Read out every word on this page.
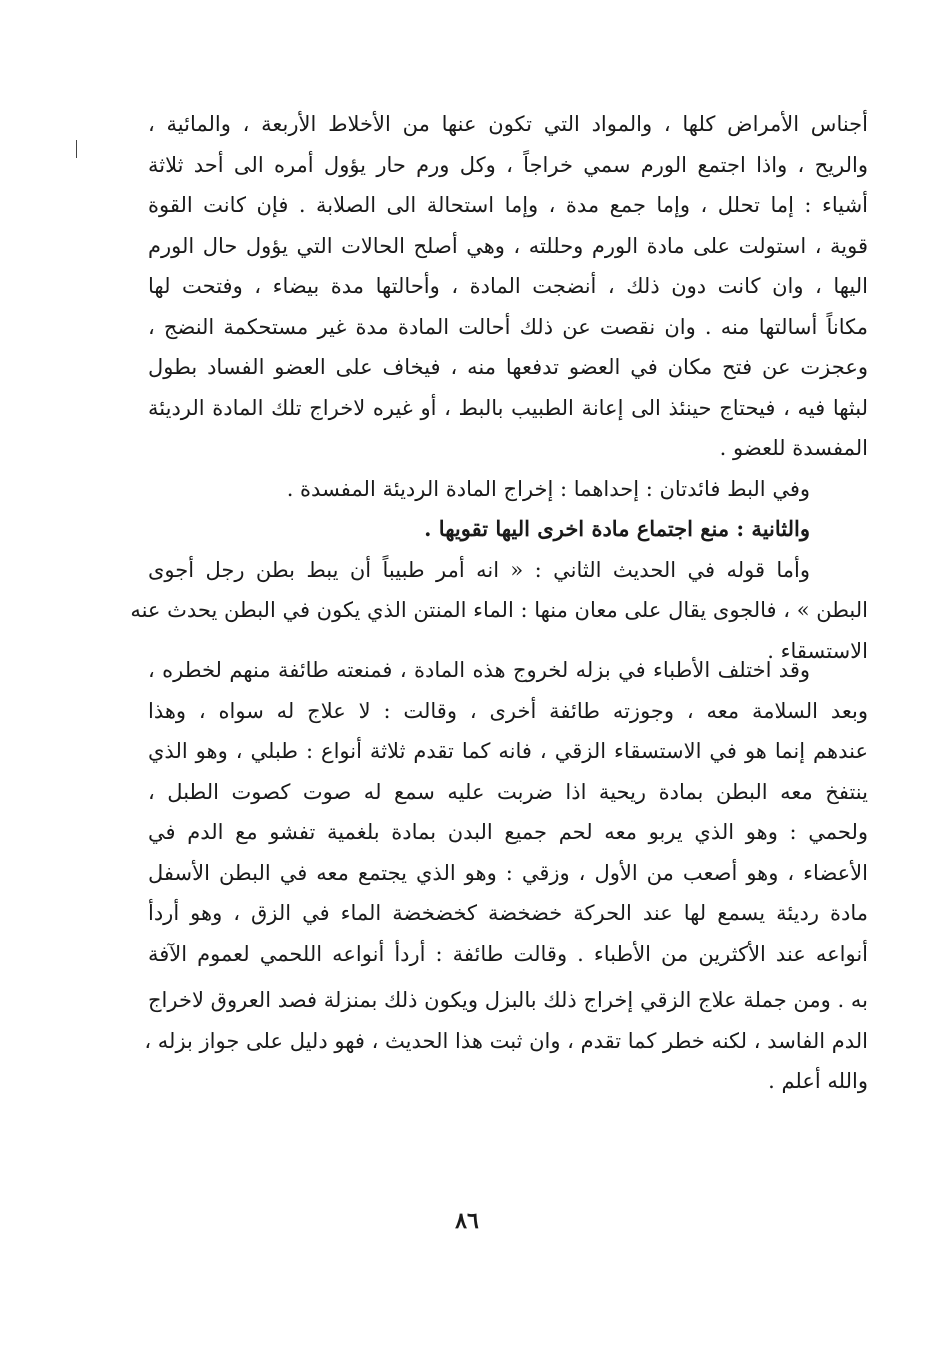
أجناس الأمراض كلها ، والمواد التي تكون عنها من الأخلاط الأربعة ، والمائية ،
والريح ، واذا اجتمع الورم سمي خراجاً ، وكل ورم حار يؤول أمره الى أحد ثلاثة
أشياء : إما تحلل ، وإما جمع مدة ، وإما استحالة الى الصلابة . فإن كانت القوة
قوية ، استولت على مادة الورم وحللته ، وهي أصلح الحالات التي يؤول حال الورم
اليها ، وان كانت دون ذلك ، أنضجت المادة ، وأحالتها مدة بيضاء ، وفتحت لها
مكاناً أسالتها منه . وان نقصت عن ذلك أحالت المادة مدة غير مستحكمة النضج ،
وعجزت عن فتح مكان في العضو تدفعها منه ، فيخاف على العضو الفساد بطول
لبثها فيه ، فيحتاج حينئذ الى إعانة الطبيب بالبط ، أو غيره لاخراج تلك المادة الرديئة
المفسدة للعضو .
وفي البط فائدتان : إحداهما : إخراج المادة الرديئة المفسدة .
والثانية : منع اجتماع مادة اخرى اليها تقويها .
وأما قوله في الحديث الثاني : « انه أمر طبيباً أن يبط بطن رجل أجوى
البطن » ، فالجوى يقال على معان منها : الماء المنتن الذي يكون في البطن يحدث عنه
الاستسقاء .
وقد اختلف الأطباء في بزله لخروج هذه المادة ، فمنعته طائفة منهم لخطره ،
وبعد السلامة معه ، وجوزته طائفة أخرى ، وقالت : لا علاج له سواه ، وهذا
عندهم إنما هو في الاستسقاء الزقي ، فانه كما تقدم ثلاثة أنواع : طبلي ، وهو الذي
ينتفخ معه البطن بمادة ريحية اذا ضربت عليه سمع له صوت كصوت الطبل ،
ولحمي : وهو الذي يربو معه لحم جميع البدن بمادة بلغمية تفشو مع الدم في
الأعضاء ، وهو أصعب من الأول ، وزقي : وهو الذي يجتمع معه في البطن الأسفل
مادة رديئة يسمع لها عند الحركة خضخضة كخضخضة الماء في الزق ، وهو أردأ
أنواعه عند الأكثرين من الأطباء . وقالت طائفة : أردأ أنواعه اللحمي لعموم الآفة
به . ومن جملة علاج الزقي إخراج ذلك بالبزل ويكون ذلك بمنزلة فصد العروق لاخراج
الدم الفاسد ، لكنه خطر كما تقدم ، وان ثبت هذا الحديث ، فهو دليل على جواز بزله ،
والله أعلم .
٨٦
